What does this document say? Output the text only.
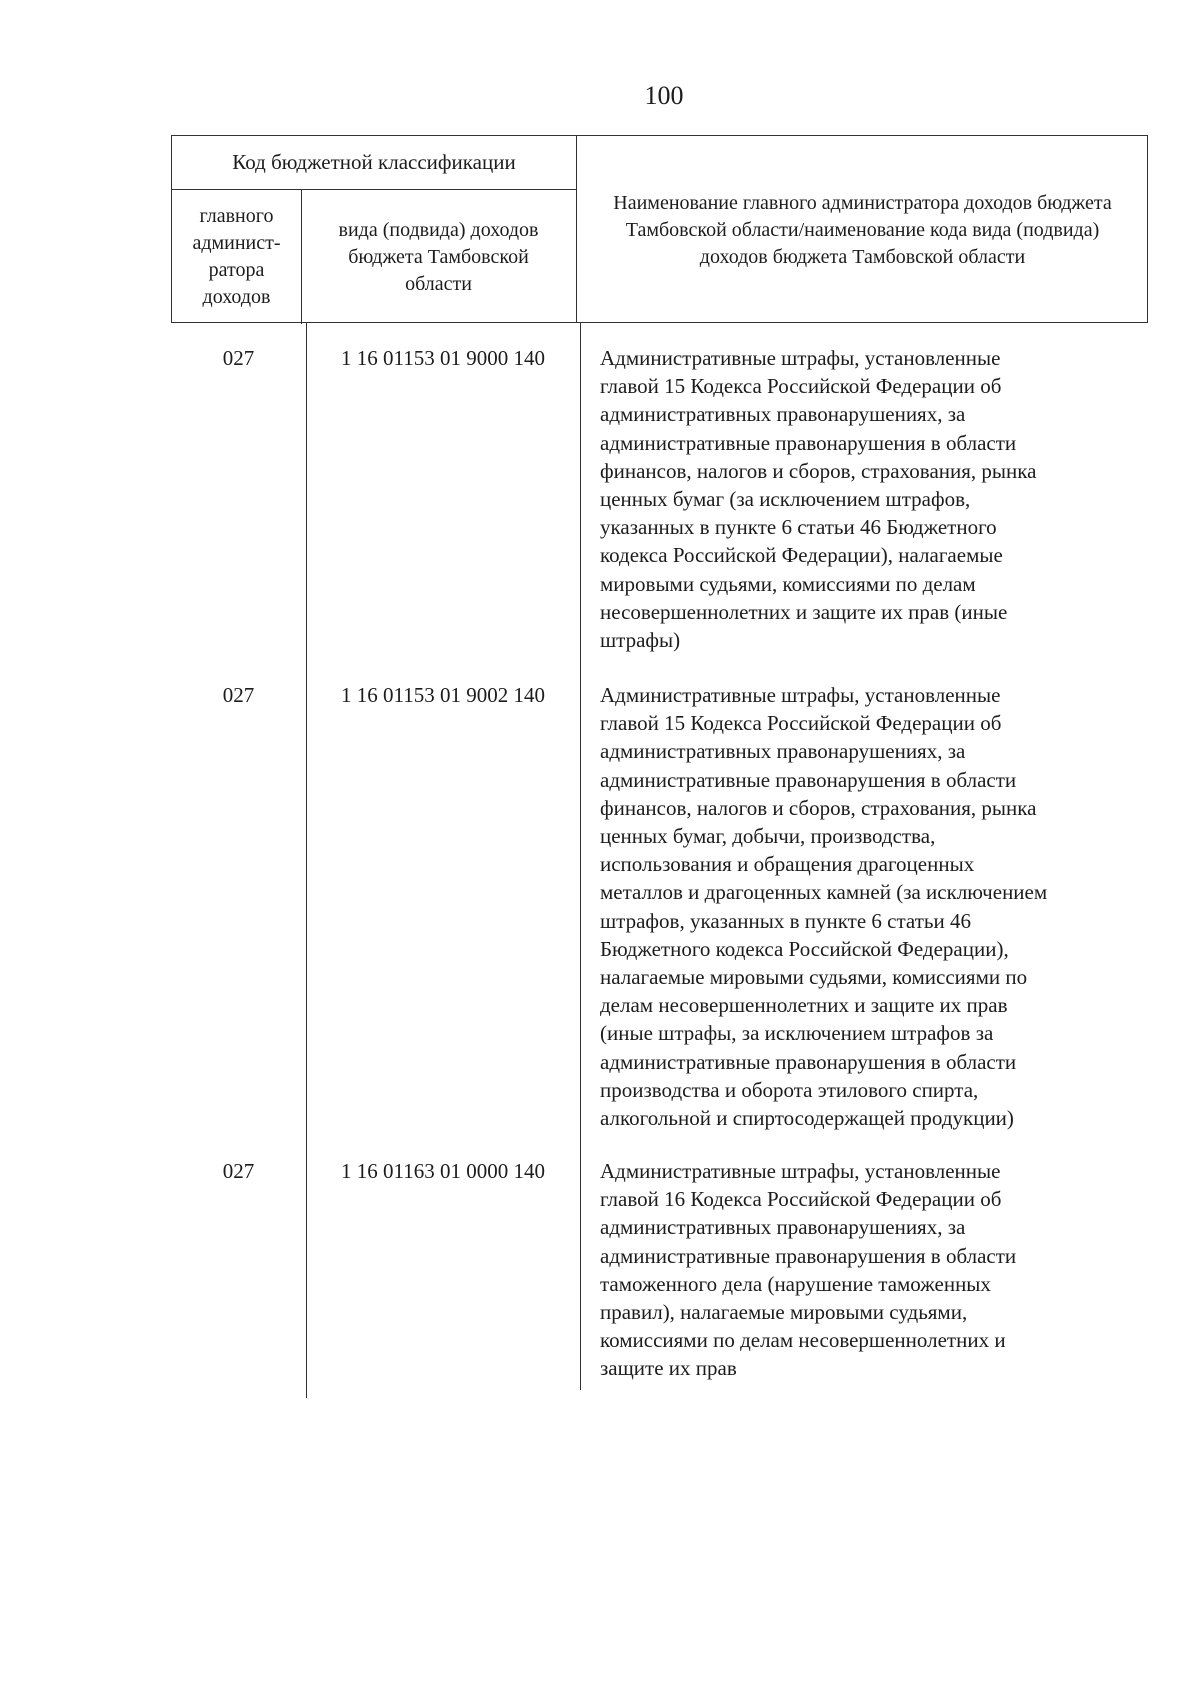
100
Код бюджетной классификации
главного админист-ратора доходов
вида (подвида) доходов бюджета Тамбовской области
Наименование главного администратора доходов бюджета Тамбовской области/наименование кода вида (подвида) доходов бюджета Тамбовской области
027	1 16 01153 01 9000 140	Административные штрафы, установленные
главой 15 Кодекса Российской Федерации об
административных правонарушениях, за
административные правонарушения в области
финансов, налогов и сборов, страхования, рынка
ценных бумаг (за исключением штрафов,
указанных в пункте 6 статьи 46 Бюджетного
кодекса Российской Федерации), налагаемые
мировыми судьями, комиссиями по делам
несовершеннолетних и защите их прав (иные
штрафы)
027	1 16 01153 01 9002 140	Административные штрафы, установленные
главой 15 Кодекса Российской Федерации об
административных правонарушениях, за
административные правонарушения в области
финансов, налогов и сборов, страхования, рынка
ценных бумаг, добычи, производства,
использования и обращения драгоценных
металлов и драгоценных камней (за исключением
штрафов, указанных в пункте 6 статьи 46
Бюджетного кодекса Российской Федерации),
налагаемые мировыми судьями, комиссиями по
делам несовершеннолетних и защите их прав
(иные штрафы, за исключением штрафов за
административные правонарушения в области
производства и оборота этилового спирта,
алкогольной и спиртосодержащей продукции)
027	1 16 01163 01 0000 140	Административные штрафы, установленные
главой 16 Кодекса Российской Федерации об
административных правонарушениях, за
административные правонарушения в области
таможенного дела (нарушение таможенных
правил), налагаемые мировыми судьями,
комиссиями по делам несовершеннолетних и
защите их прав
